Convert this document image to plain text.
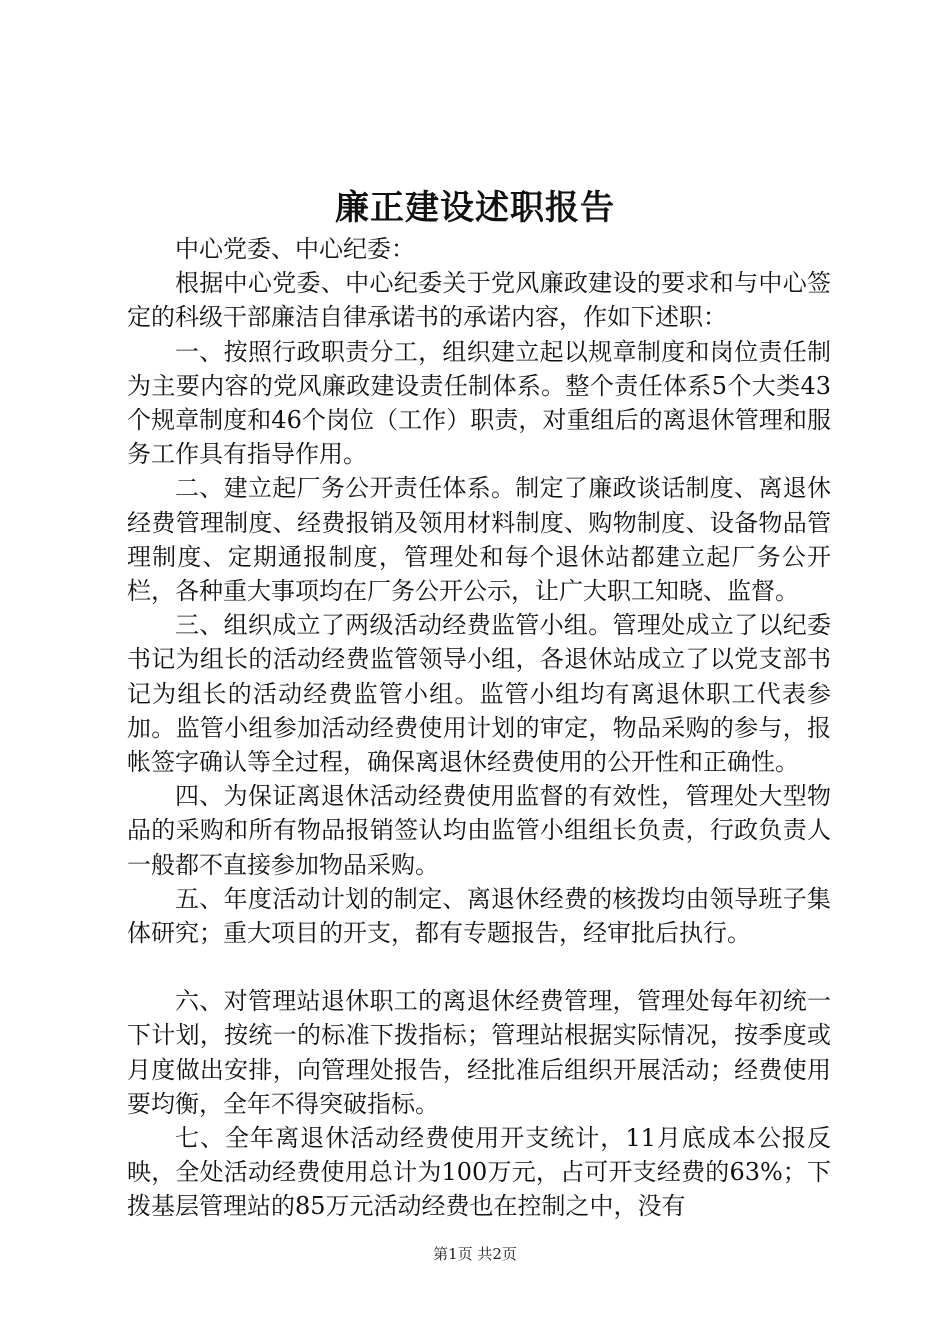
廉正建设述职报告

中心党委、中心纪委：

根据中心党委、中心纪委关于党风廉政建设的要求和与中心签定的科级干部廉洁自律承诺书的承诺内容，作如下述职：

一、按照行政职责分工，组织建立起以规章制度和岗位责任制为主要内容的党风廉政建设责任制体系。整个责任体系5个大类43个规章制度和46个岗位（工作）职责，对重组后的离退休管理和服务工作具有指导作用。

二、建立起厂务公开责任体系。制定了廉政谈话制度、离退休经费管理制度、经费报销及领用材料制度、购物制度、设备物品管理制度、定期通报制度，管理处和每个退休站都建立起厂务公开栏，各种重大事项均在厂务公开公示，让广大职工知晓、监督。

三、组织成立了两级活动经费监管小组。管理处成立了以纪委书记为组长的活动经费监管领导小组，各退休站成立了以党支部书记为组长的活动经费监管小组。监管小组均有离退休职工代表参加。监管小组参加活动经费使用计划的审定，物品采购的参与，报帐签字确认等全过程，确保离退休经费使用的公开性和正确性。

四、为保证离退休活动经费使用监督的有效性，管理处大型物品的采购和所有物品报销签认均由监管小组组长负责，行政负责人一般都不直接参加物品采购。

五、年度活动计划的制定、离退休经费的核拨均由领导班子集体研究；重大项目的开支，都有专题报告，经审批后执行。

六、对管理站退休职工的离退休经费管理，管理处每年初统一下计划，按统一的标准下拨指标；管理站根据实际情况，按季度或月度做出安排，向管理处报告，经批准后组织开展活动；经费使用要均衡，全年不得突破指标。

七、全年离退休活动经费使用开支统计，11月底成本公报反映，全处活动经费使用总计为100万元，占可开支经费的63%；下拨基层管理站的85万元活动经费也在控制之中，没有

第1页 共2页
